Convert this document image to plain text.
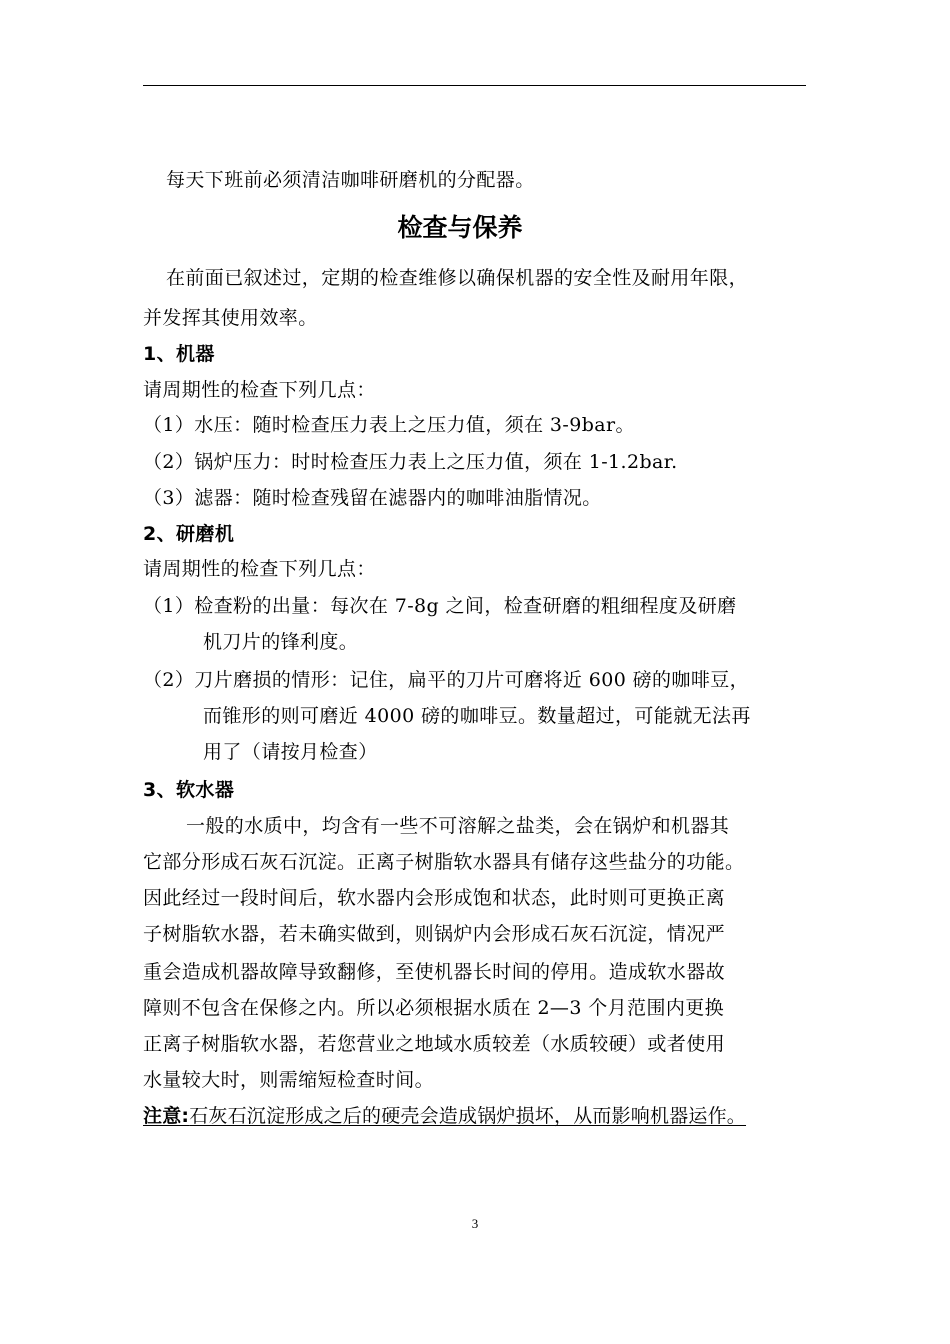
每天下班前必须清洁咖啡研磨机的分配器。
检查与保养
在前面已叙述过，定期的检查维修以确保机器的安全性及耐用年限，
并发挥其使用效率。
1、机器
请周期性的检查下列几点：
（1）水压：随时检查压力表上之压力值，须在 3-9bar。
（2）锅炉压力：时时检查压力表上之压力值，须在 1-1.2bar.
（3）滤器：随时检查残留在滤器内的咖啡油脂情况。
2、研磨机
请周期性的检查下列几点：
（1）检查粉的出量：每次在 7-8g 之间，检查研磨的粗细程度及研磨
机刀片的锋利度。
（2）刀片磨损的情形：记住，扁平的刀片可磨将近 600 磅的咖啡豆，
而锥形的则可磨近 4000 磅的咖啡豆。数量超过，可能就无法再
用了（请按月检查）
3、软水器
一般的水质中，均含有一些不可溶解之盐类，会在锅炉和机器其
它部分形成石灰石沉淀。正离子树脂软水器具有储存这些盐分的功能。
因此经过一段时间后，软水器内会形成饱和状态，此时则可更换正离
子树脂软水器，若未确实做到，则锅炉内会形成石灰石沉淀，情况严
重会造成机器故障导致翻修，至使机器长时间的停用。造成软水器故
障则不包含在保修之内。所以必须根据水质在 2—3 个月范围内更换
正离子树脂软水器，若您营业之地域水质较差（水质较硬）或者使用
水量较大时，则需缩短检查时间。
注意:石灰石沉淀形成之后的硬壳会造成锅炉损坏，从而影响机器运作。
3
